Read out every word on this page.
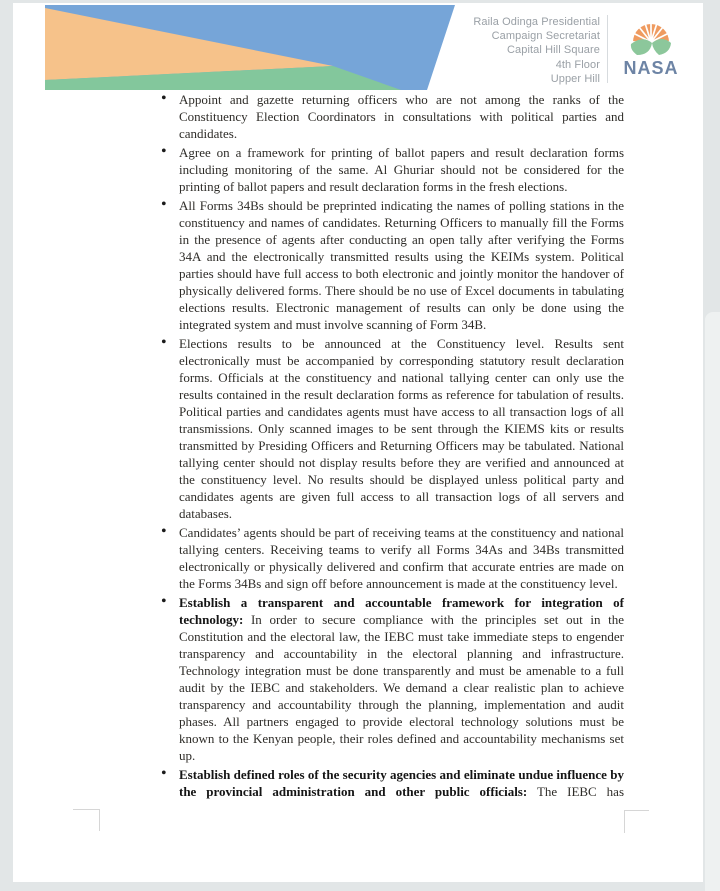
Raila Odinga Presidential
Campaign Secretariat
Capital Hill Square
4th Floor
Upper Hill
NASA
• Appoint and gazette returning officers who are not among the ranks of the Constituency Election Coordinators in consultations with political parties and candidates.
• Agree on a framework for printing of ballot papers and result declaration forms including monitoring of the same. Al Ghuriar should not be considered for the printing of ballot papers and result declaration forms in the fresh elections.
• All Forms 34Bs should be preprinted indicating the names of polling stations in the constituency and names of candidates. Returning Officers to manually fill the Forms in the presence of agents after conducting an open tally after verifying the Forms 34A and the electronically transmitted results using the KEIMs system. Political parties should have full access to both electronic and jointly monitor the handover of physically delivered forms. There should be no use of Excel documents in tabulating elections results. Electronic management of results can only be done using the integrated system and must involve scanning of Form 34B.
• Elections results to be announced at the Constituency level. Results sent electronically must be accompanied by corresponding statutory result declaration forms. Officials at the constituency and national tallying center can only use the results contained in the result declaration forms as reference for tabulation of results. Political parties and candidates agents must have access to all transaction logs of all transmissions. Only scanned images to be sent through the KIEMS kits or results transmitted by Presiding Officers and Returning Officers may be tabulated. National tallying center should not display results before they are verified and announced at the constituency level. No results should be displayed unless political party and candidates agents are given full access to all transaction logs of all servers and databases.
• Candidates’ agents should be part of receiving teams at the constituency and national tallying centers. Receiving teams to verify all Forms 34As and 34Bs transmitted electronically or physically delivered and confirm that accurate entries are made on the Forms 34Bs and sign off before announcement is made at the constituency level.
• Establish a transparent and accountable framework for integration of technology: In order to secure compliance with the principles set out in the Constitution and the electoral law, the IEBC must take immediate steps to engender transparency and accountability in the electoral planning and infrastructure. Technology integration must be done transparently and must be amenable to a full audit by the IEBC and stakeholders. We demand a clear realistic plan to achieve transparency and accountability through the planning, implementation and audit phases. All partners engaged to provide electoral technology solutions must be known to the Kenyan people, their roles defined and accountability mechanisms set up.
• Establish defined roles of the security agencies and eliminate undue influence by the provincial administration and other public officials: The IEBC has
